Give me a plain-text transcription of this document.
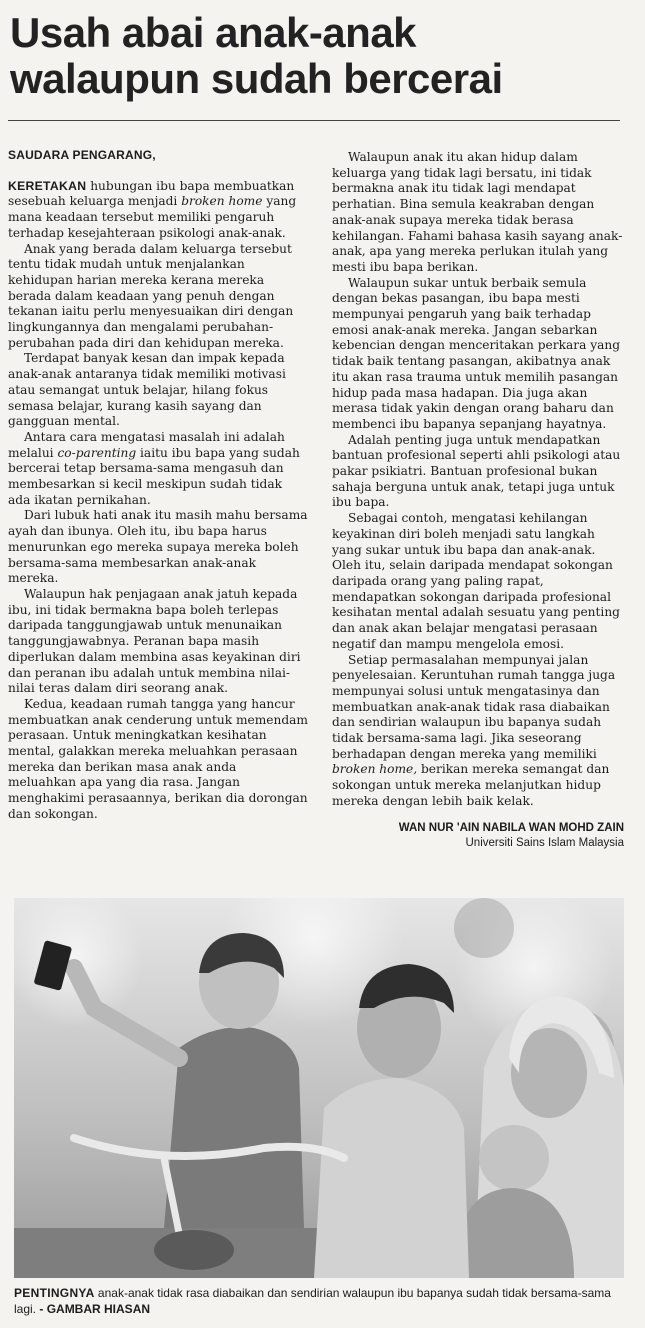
Usah abai anak-anak
walaupun sudah bercerai
SAUDARA PENGARANG,

KERETAKAN hubungan ibu bapa membuatkan sesebuah keluarga menjadi broken home yang mana keadaan tersebut memiliki pengaruh terhadap kesejahteraan psikologi anak-anak.

Anak yang berada dalam keluarga tersebut tentu tidak mudah untuk menjalankan kehidupan harian mereka kerana mereka berada dalam keadaan yang penuh dengan tekanan iaitu perlu menyesuaikan diri dengan lingkungannya dan mengalami perubahan-perubahan pada diri dan kehidupan mereka.

Terdapat banyak kesan dan impak kepada anak-anak antaranya tidak memiliki motivasi atau semangat untuk belajar, hilang fokus semasa belajar, kurang kasih sayang dan gangguan mental.

Antara cara mengatasi masalah ini adalah melalui co-parenting iaitu ibu bapa yang sudah bercerai tetap bersama-sama mengasuh dan membesarkan si kecil meskipun sudah tidak ada ikatan pernikahan.

Dari lubuk hati anak itu masih mahu bersama ayah dan ibunya. Oleh itu, ibu bapa harus menurunkan ego mereka supaya mereka boleh bersama-sama membesarkan anak-anak mereka.

Walaupun hak penjagaan anak jatuh kepada ibu, ini tidak bermakna bapa boleh terlepas daripada tanggungjawab untuk menunaikan tanggungjawabnya. Peranan bapa masih diperlukan dalam membina asas keyakinan diri dan peranan ibu adalah untuk membina nilai-nilai teras dalam diri seorang anak.

Kedua, keadaan rumah tangga yang hancur membuatkan anak cenderung untuk memendam perasaan. Untuk meningkatkan kesihatan mental, galakkan mereka meluahkan perasaan mereka dan berikan masa anak anda meluahkan apa yang dia rasa. Jangan menghakimi perasaannya, berikan dia dorongan dan sokongan.

Walaupun anak itu akan hidup dalam keluarga yang tidak lagi bersatu, ini tidak bermakna anak itu tidak lagi mendapat perhatian. Bina semula keakraban dengan anak-anak supaya mereka tidak berasa kehilangan. Fahami bahasa kasih sayang anak-anak, apa yang mereka perlukan itulah yang mesti ibu bapa berikan.

Walaupun sukar untuk berbaik semula dengan bekas pasangan, ibu bapa mesti mempunyai pengaruh yang baik terhadap emosi anak-anak mereka. Jangan sebarkan kebencian dengan menceritakan perkara yang tidak baik tentang pasangan, akibatnya anak itu akan rasa trauma untuk memilih pasangan hidup pada masa hadapan. Dia juga akan merasa tidak yakin dengan orang baharu dan membenci ibu bapanya sepanjang hayatnya.

Adalah penting juga untuk mendapatkan bantuan profesional seperti ahli psikologi atau pakar psikiatri. Bantuan profesional bukan sahaja berguna untuk anak, tetapi juga untuk ibu bapa.

Sebagai contoh, mengatasi kehilangan keyakinan diri boleh menjadi satu langkah yang sukar untuk ibu bapa dan anak-anak. Oleh itu, selain daripada mendapat sokongan daripada orang yang paling rapat, mendapatkan sokongan daripada profesional kesihatan mental adalah sesuatu yang penting dan anak akan belajar mengatasi perasaan negatif dan mampu mengelola emosi.

Setiap permasalahan mempunyai jalan penyelesaian. Keruntuhan rumah tangga juga mempunyai solusi untuk mengatasinya dan membuatkan anak-anak tidak rasa diabaikan dan sendirian walaupun ibu bapanya sudah tidak bersama-sama lagi. Jika seseorang berhadapan dengan mereka yang memiliki broken home, berikan mereka semangat dan sokongan untuk mereka melanjutkan hidup mereka dengan lebih baik kelak.

WAN NUR 'AIN NABILA WAN MOHD ZAIN
Universiti Sains Islam Malaysia
PENTINGNYA anak-anak tidak rasa diabaikan dan sendirian walaupun ibu bapanya sudah tidak bersama-sama lagi. - GAMBAR HIASAN
